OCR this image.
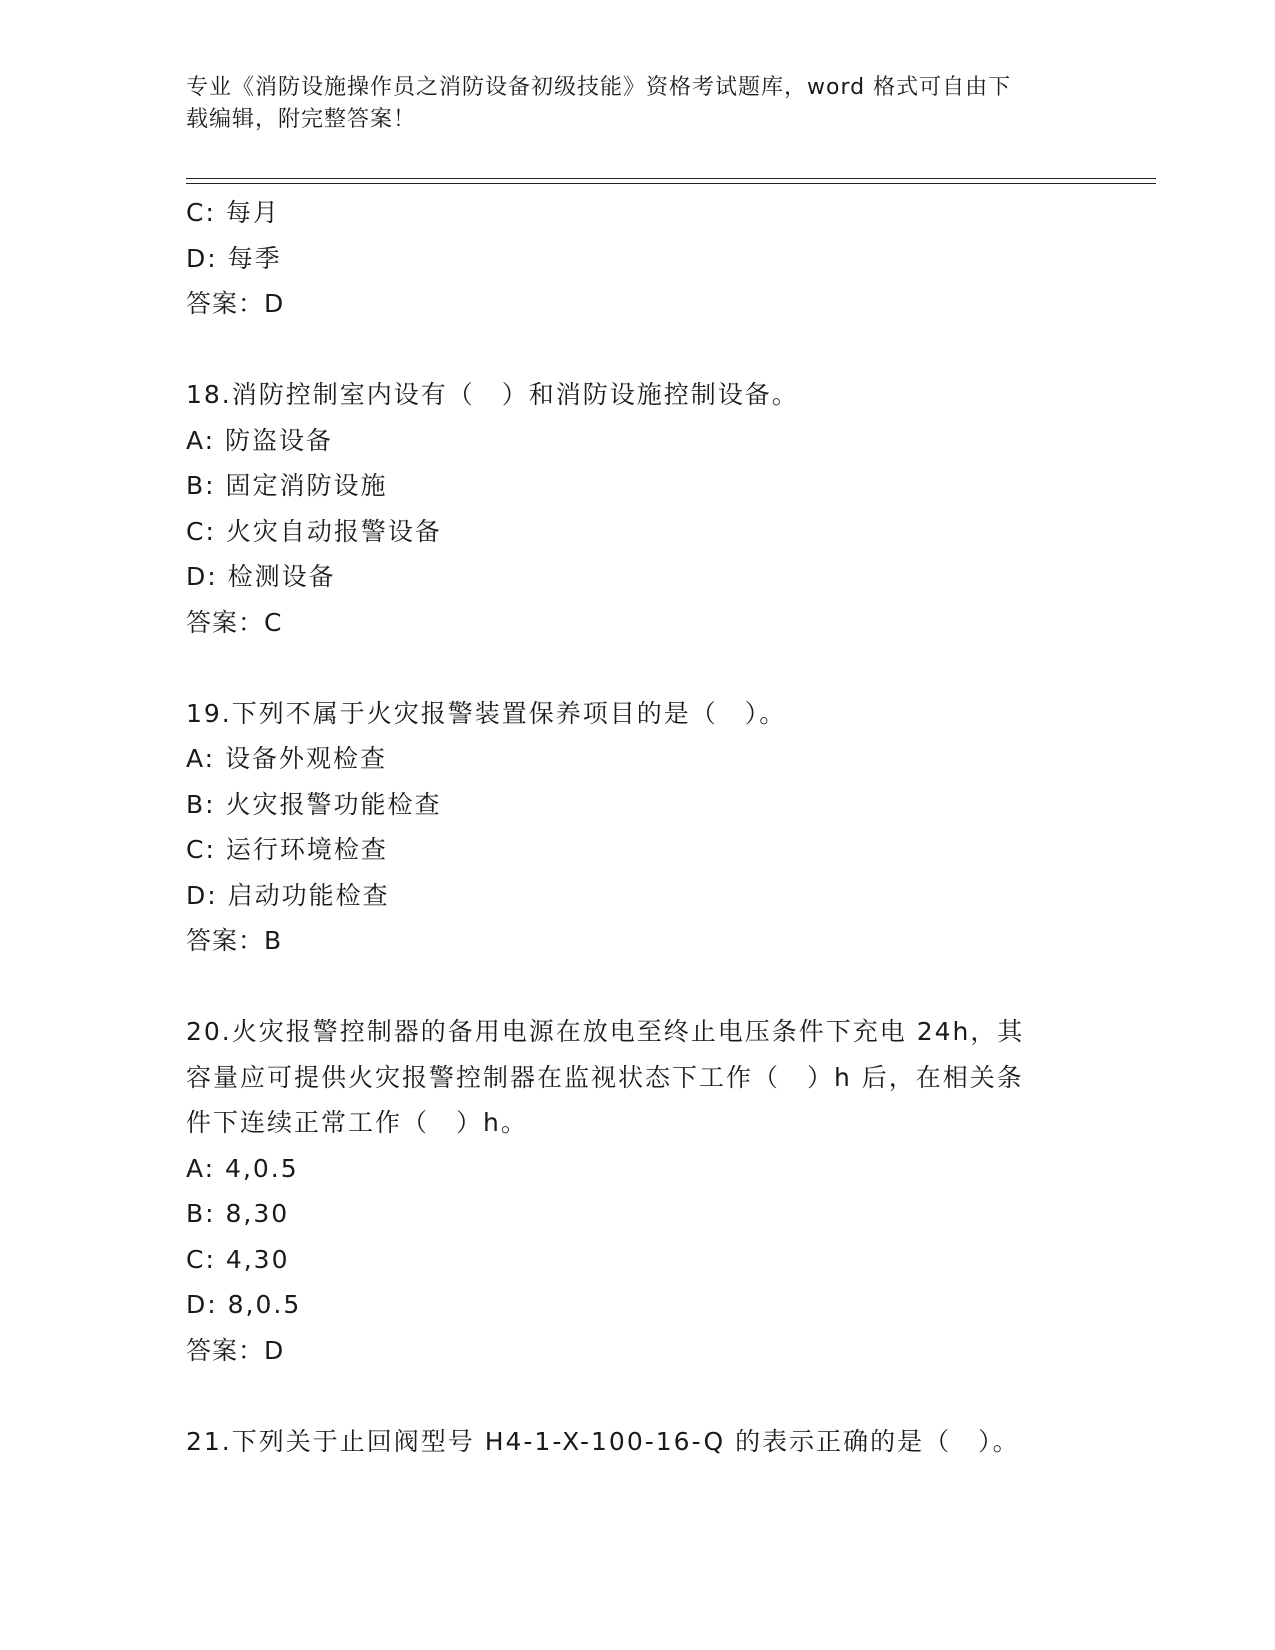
专业《消防设施操作员之消防设备初级技能》资格考试题库，word 格式可自由下
载编辑，附完整答案！
C: 每月
D: 每季
答案：D
18.消防控制室内设有（　）和消防设施控制设备。
A: 防盗设备
B: 固定消防设施
C: 火灾自动报警设备
D: 检测设备
答案：C
19.下列不属于火灾报警装置保养项目的是（　）。
A: 设备外观检查
B: 火灾报警功能检查
C: 运行环境检查
D: 启动功能检查
答案：B
20.火灾报警控制器的备用电源在放电至终止电压条件下充电 24h，其
容量应可提供火灾报警控制器在监视状态下工作（　）h 后，在相关条
件下连续正常工作（　）h。
A: 4,0.5
B: 8,30
C: 4,30
D: 8,0.5
答案：D
21.下列关于止回阀型号 H4-1-X-100-16-Q 的表示正确的是（　）。
